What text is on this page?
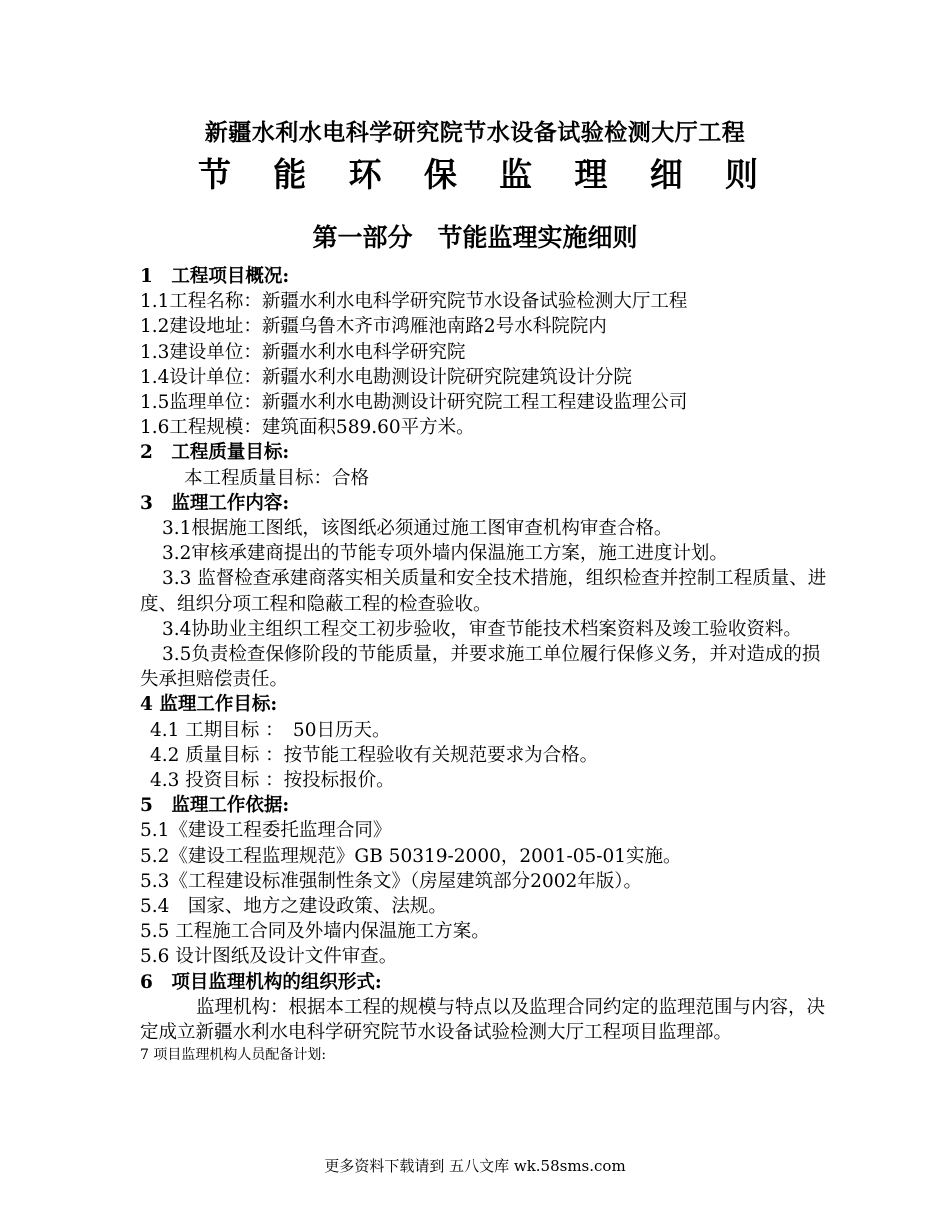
新疆水利水电科学研究院节水设备试验检测大厅工程
节 能 环 保 监 理 细 则
第一部分　节能监理实施细则

1　工程项目概况:

1.1工程名称：新疆水利水电科学研究院节水设备试验检测大厅工程

1.2建设地址：新疆乌鲁木齐市鸿雁池南路2号水科院院内

1.3建设单位：新疆水利水电科学研究院

1.4设计单位：新疆水利水电勘测设计院研究院建筑设计分院

1.5监理单位：新疆水利水电勘测设计研究院工程工程建设监理公司

1.6工程规模：建筑面积589.60平方米。

2　工程质量目标:

本工程质量目标：合格

3　监理工作内容:

3.1根据施工图纸，该图纸必须通过施工图审查机构审查合格。

3.2审核承建商提出的节能专项外墙内保温施工方案，施工进度计划。

3.3 监督检查承建商落实相关质量和安全技术措施，组织检查并控制工程质量、进度、组织分项工程和隐蔽工程的检查验收。

3.4协助业主组织工程交工初步验收，审查节能技术档案资料及竣工验收资料。

3.5负责检查保修阶段的节能质量，并要求施工单位履行保修义务，并对造成的损失承担赔偿责任。

4 监理工作目标:

4.1 工期目标 ：　50日历天。

4.2 质量目标 ：按节能工程验收有关规范要求为合格。

4.3 投资目标 ：按投标报价。

5　监理工作依据:

5.1《建设工程委托监理合同》

5.2《建设工程监理规范》GB 50319-2000，2001-05-01实施。

5.3《工程建设标准强制性条文》（房屋建筑部分2002年版）。

5.4　国家、地方之建设政策、法规。

5.5 工程施工合同及外墙内保温施工方案。

5.6 设计图纸及设计文件审查。

6　项目监理机构的组织形式:

监理机构：根据本工程的规模与特点以及监理合同约定的监理范围与内容，决定成立新疆水利水电科学研究院节水设备试验检测大厅工程项目监理部。

7 项目监理机构人员配备计划:

更多资料下载请到 五八文库 wk.58sms.com
